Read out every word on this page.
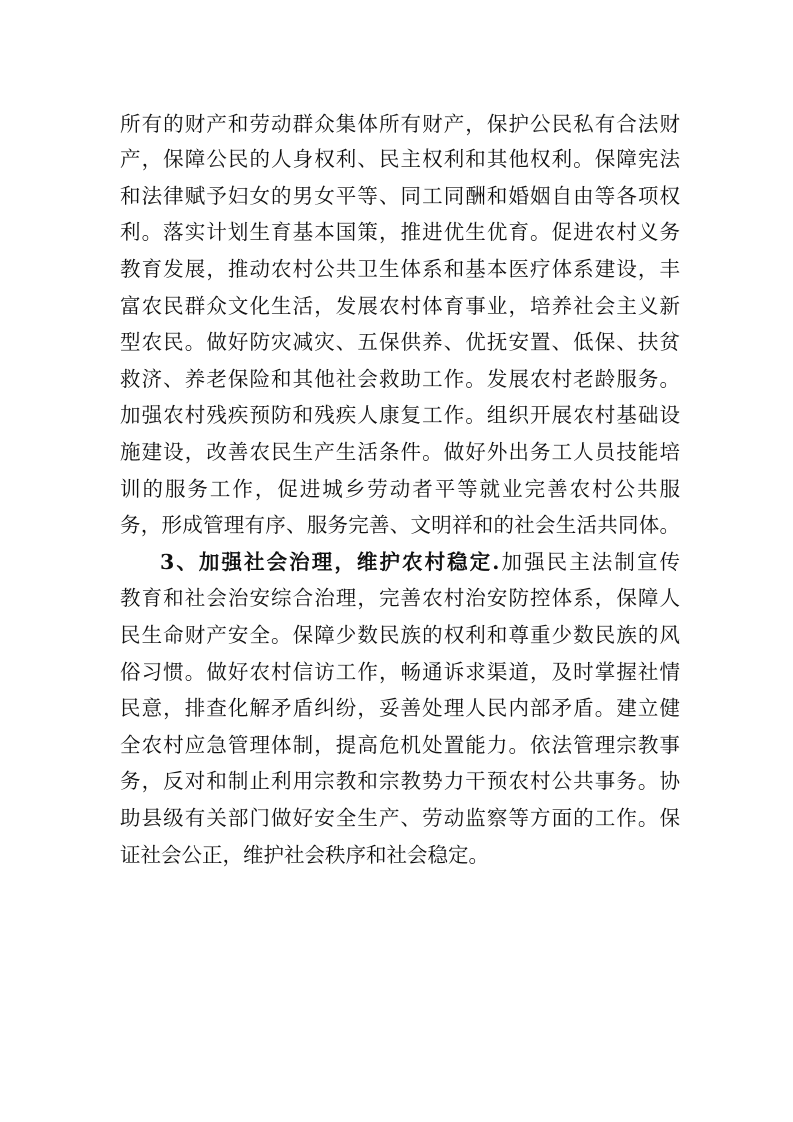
所有的财产和劳动群众集体所有财产，保护公民私有合法财
产，保障公民的人身权利、民主权利和其他权利。保障宪法
和法律赋予妇女的男女平等、同工同酬和婚姻自由等各项权
利。落实计划生育基本国策，推进优生优育。促进农村义务
教育发展，推动农村公共卫生体系和基本医疗体系建设，丰
富农民群众文化生活，发展农村体育事业，培养社会主义新
型农民。做好防灾减灾、五保供养、优抚安置、低保、扶贫
救济、养老保险和其他社会救助工作。发展农村老龄服务。
加强农村残疾预防和残疾人康复工作。组织开展农村基础设
施建设，改善农民生产生活条件。做好外出务工人员技能培
训的服务工作，促进城乡劳动者平等就业完善农村公共服
务，形成管理有序、服务完善、文明祥和的社会生活共同体。
3、加强社会治理，维护农村稳定.加强民主法制宣传
教育和社会治安综合治理，完善农村治安防控体系，保障人
民生命财产安全。保障少数民族的权利和尊重少数民族的风
俗习惯。做好农村信访工作，畅通诉求渠道，及时掌握社情
民意，排查化解矛盾纠纷，妥善处理人民内部矛盾。建立健
全农村应急管理体制，提高危机处置能力。依法管理宗教事
务，反对和制止利用宗教和宗教势力干预农村公共事务。协
助县级有关部门做好安全生产、劳动监察等方面的工作。保
证社会公正，维护社会秩序和社会稳定。
